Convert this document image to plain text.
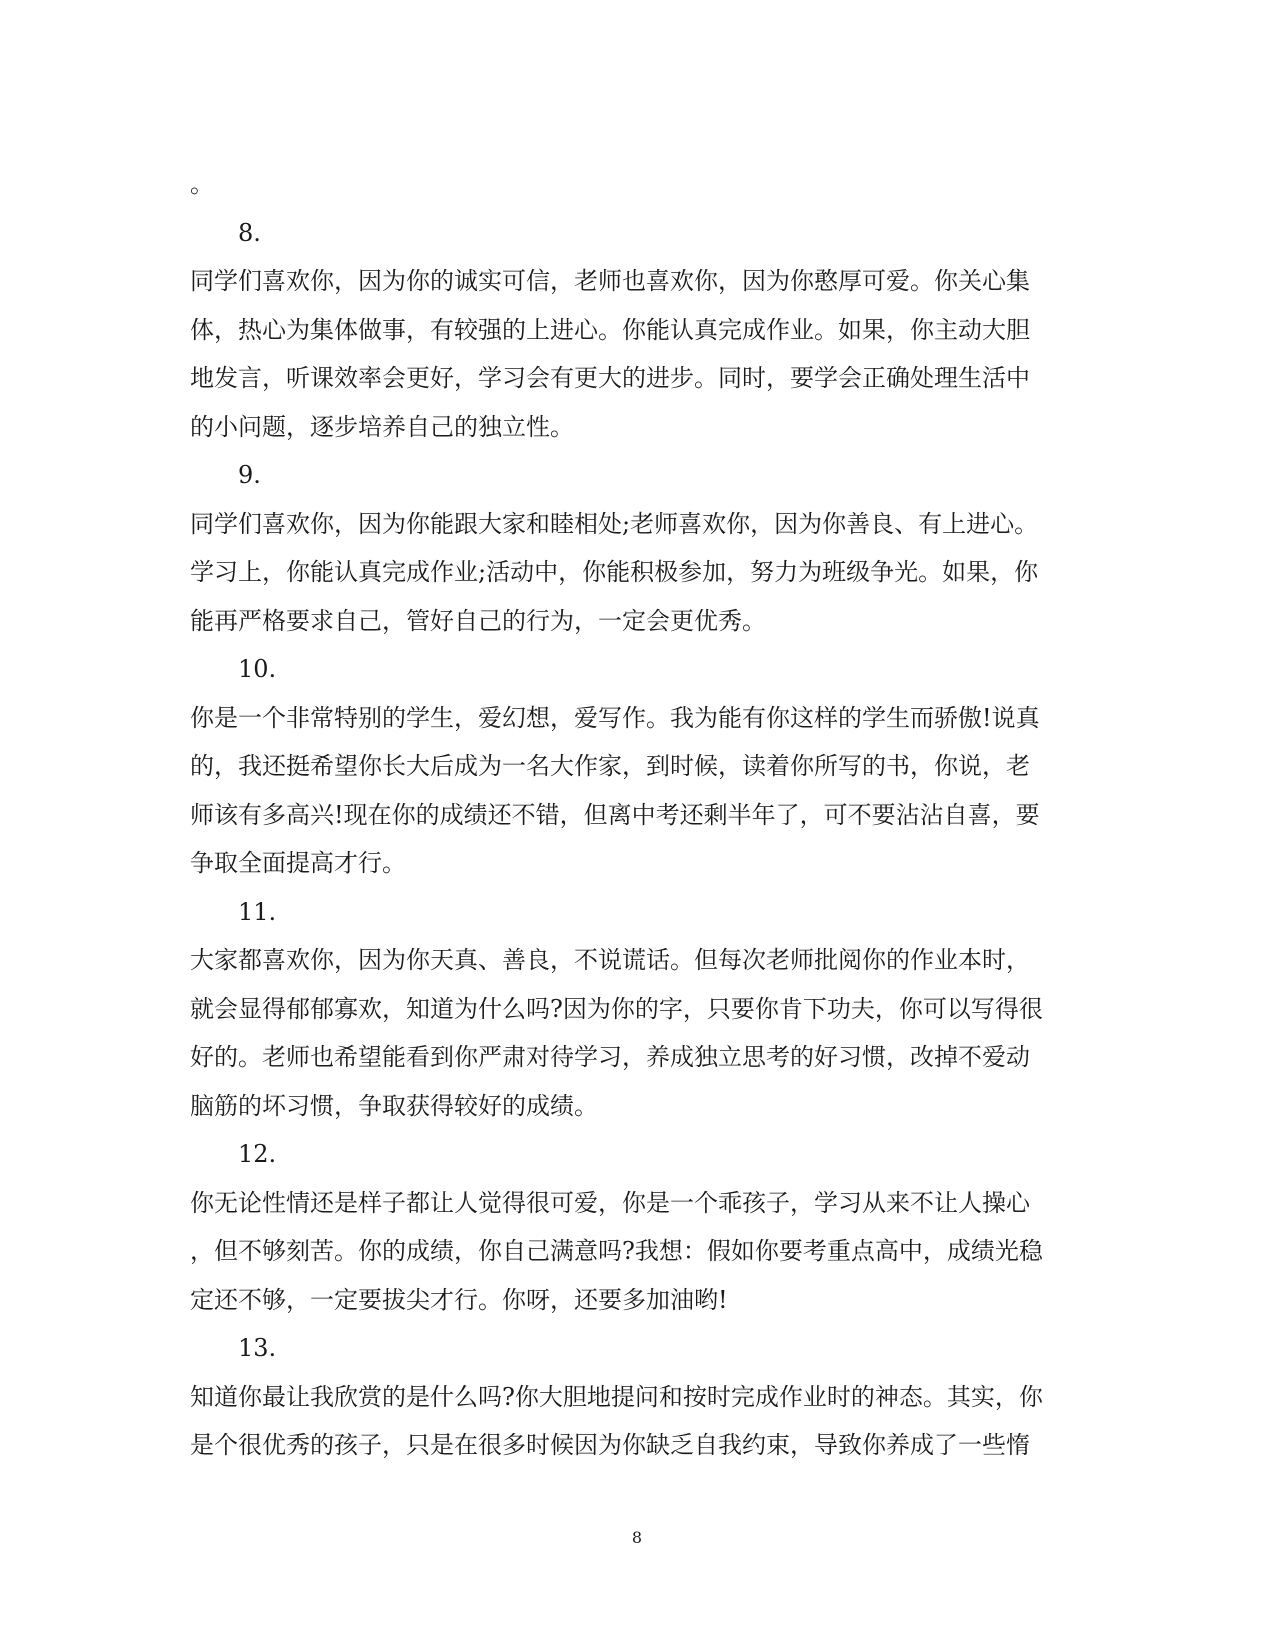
。
8.
同学们喜欢你，因为你的诚实可信，老师也喜欢你，因为你憨厚可爱。你关心集
体，热心为集体做事，有较强的上进心。你能认真完成作业。如果，你主动大胆
地发言，听课效率会更好，学习会有更大的进步。同时，要学会正确处理生活中
的小问题，逐步培养自己的独立性。
9.
同学们喜欢你，因为你能跟大家和睦相处;老师喜欢你，因为你善良、有上进心。
学习上，你能认真完成作业;活动中，你能积极参加，努力为班级争光。如果，你
能再严格要求自己，管好自己的行为，一定会更优秀。
10.
你是一个非常特别的学生，爱幻想，爱写作。我为能有你这样的学生而骄傲!说真
的，我还挺希望你长大后成为一名大作家，到时候，读着你所写的书，你说，老
师该有多高兴!现在你的成绩还不错，但离中考还剩半年了，可不要沾沾自喜，要
争取全面提高才行。
11.
大家都喜欢你，因为你天真、善良，不说谎话。但每次老师批阅你的作业本时，
就会显得郁郁寡欢，知道为什么吗?因为你的字，只要你肯下功夫，你可以写得很
好的。老师也希望能看到你严肃对待学习，养成独立思考的好习惯，改掉不爱动
脑筋的坏习惯，争取获得较好的成绩。
12.
你无论性情还是样子都让人觉得很可爱，你是一个乖孩子，学习从来不让人操心
，但不够刻苦。你的成绩，你自己满意吗?我想：假如你要考重点高中，成绩光稳
定还不够，一定要拔尖才行。你呀，还要多加油哟!
13.
知道你最让我欣赏的是什么吗?你大胆地提问和按时完成作业时的神态。其实，你
是个很优秀的孩子，只是在很多时候因为你缺乏自我约束，导致你养成了一些惰
8
